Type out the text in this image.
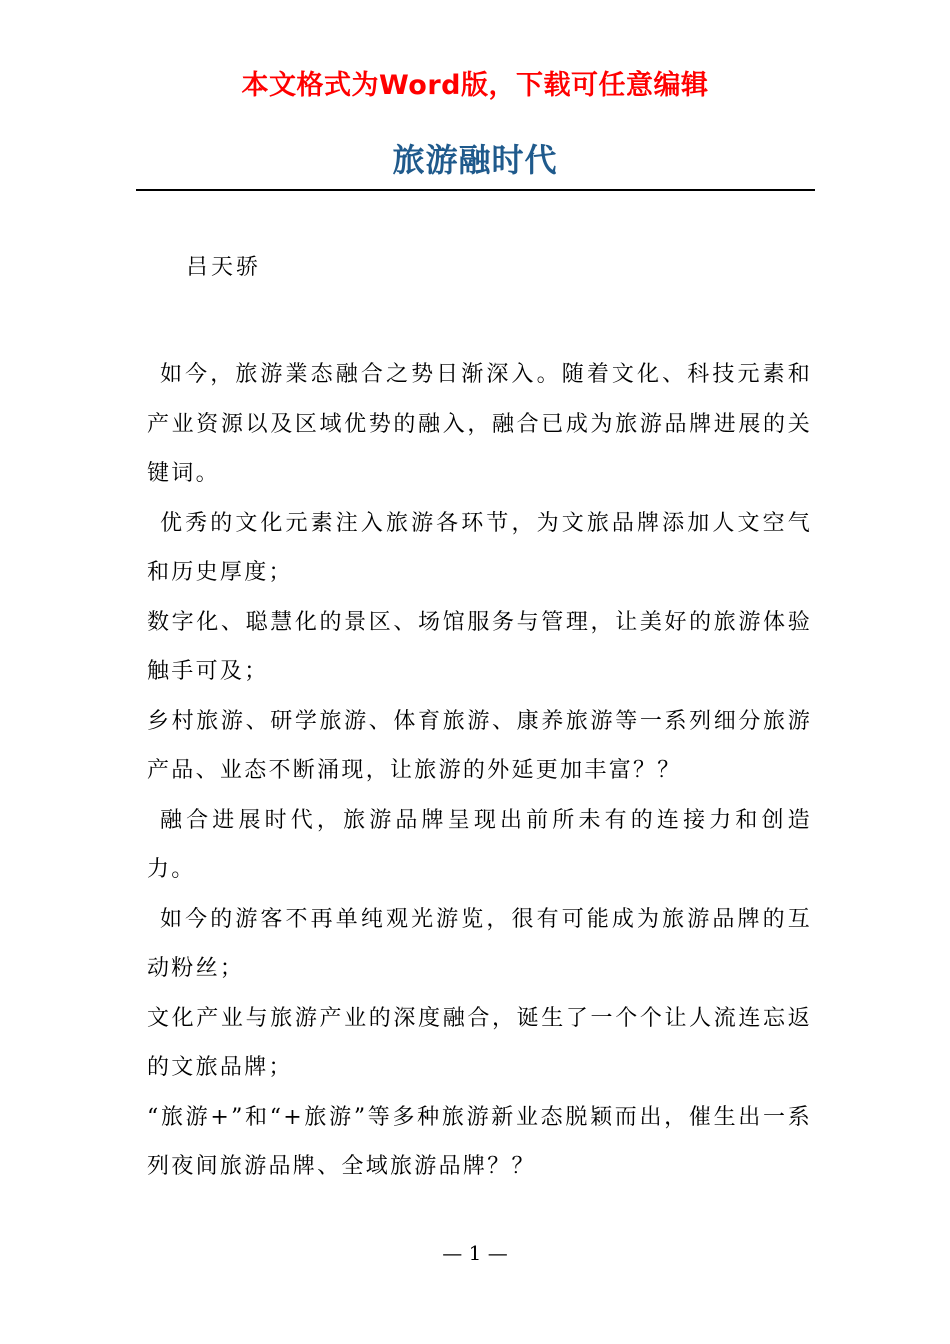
本文格式为Word版，下载可任意编辑
旅游融时代
吕天骄

如今，旅游業态融合之势日渐深入。随着文化、科技元素和产业资源以及区域优势的融入，融合已成为旅游品牌进展的关键词。

优秀的文化元素注入旅游各环节，为文旅品牌添加人文空气和历史厚度；

数字化、聪慧化的景区、场馆服务与管理，让美好的旅游体验触手可及；

乡村旅游、研学旅游、体育旅游、康养旅游等一系列细分旅游产品、业态不断涌现，让旅游的外延更加丰富？？

融合进展时代，旅游品牌呈现出前所未有的连接力和创造力。

如今的游客不再单纯观光游览，很有可能成为旅游品牌的互动粉丝；

文化产业与旅游产业的深度融合，诞生了一个个让人流连忘返的文旅品牌；

“旅游+”和“+旅游”等多种旅游新业态脱颖而出，催生出一系列夜间旅游品牌、全域旅游品牌？？

— 1 —
